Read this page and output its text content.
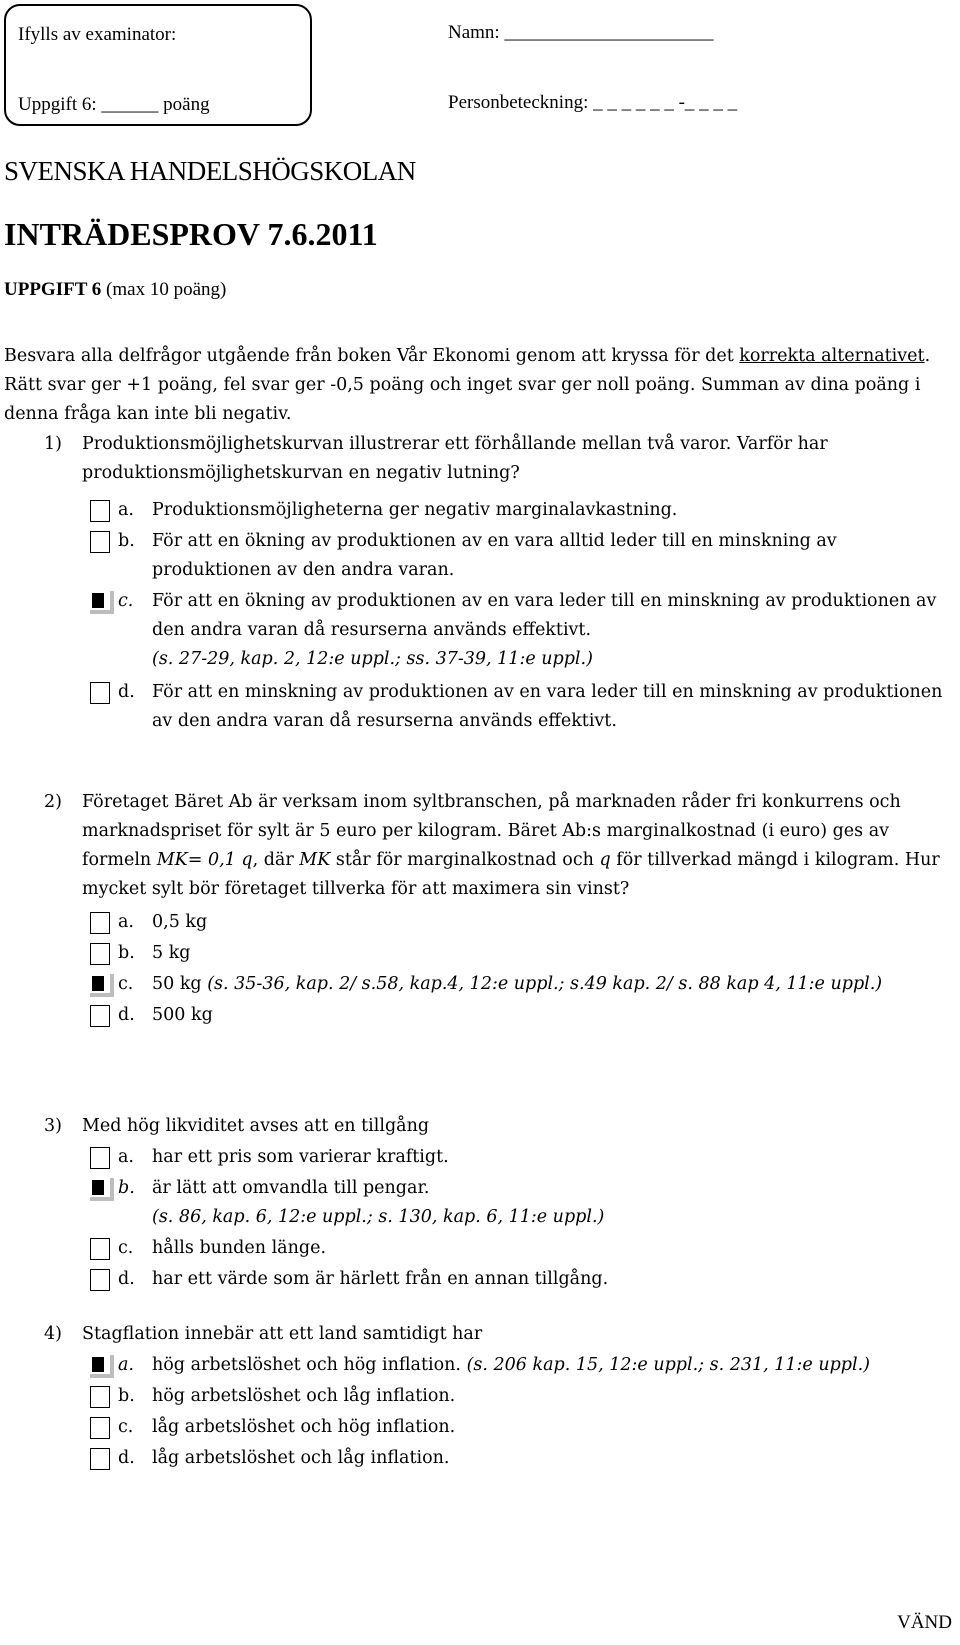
Ifylls av examinator:
Uppgift 6: ______ poäng
Namn: ______________________
Personbeteckning: _ _ _ _ _ _ -_ _ _ _
SVENSKA HANDELSHÖGSKOLAN
INTRÄDESPROV 7.6.2011
UPPGIFT 6 (max 10 poäng)
Besvara alla delfrågor utgående från boken Vår Ekonomi genom att kryssa för det korrekta alternativet. Rätt svar ger +1 poäng, fel svar ger -0,5 poäng och inget svar ger noll poäng. Summan av dina poäng i denna fråga kan inte bli negativ.
1) Produktionsmöjlighetskurvan illustrerar ett förhållande mellan två varor. Varför har produktionsmöjlighetskurvan en negativ lutning?
a. Produktionsmöjligheterna ger negativ marginalavkastning.
b. För att en ökning av produktionen av en vara alltid leder till en minskning av produktionen av den andra varan.
c. För att en ökning av produktionen av en vara leder till en minskning av produktionen av den andra varan då resurserna används effektivt.
(s. 27-29, kap. 2, 12:e uppl.; ss. 37-39, 11:e uppl.)
d. För att en minskning av produktionen av en vara leder till en minskning av produktionen av den andra varan då resurserna används effektivt.
2) Företaget Bäret Ab är verksam inom syltbranschen, på marknaden råder fri konkurrens och marknadspriset för sylt är 5 euro per kilogram. Bäret Ab:s marginalkostnad (i euro) ges av formeln MK= 0,1 q, där MK står för marginalkostnad och q för tillverkad mängd i kilogram. Hur mycket sylt bör företaget tillverka för att maximera sin vinst?
a. 0,5 kg
b. 5 kg
c. 50 kg (s. 35-36, kap. 2/ s.58, kap.4, 12:e uppl.; s.49 kap. 2/ s. 88 kap 4, 11:e uppl.)
d. 500 kg
3) Med hög likviditet avses att en tillgång
a. har ett pris som varierar kraftigt.
b. är lätt att omvandla till pengar.
(s. 86, kap. 6, 12:e uppl.; s. 130, kap. 6, 11:e uppl.)
c. hålls bunden länge.
d. har ett värde som är härlett från en annan tillgång.
4) Stagflation innebär att ett land samtidigt har
a. hög arbetslöshet och hög inflation. (s. 206 kap. 15, 12:e uppl.; s. 231, 11:e uppl.)
b. hög arbetslöshet och låg inflation.
c. låg arbetslöshet och hög inflation.
d. låg arbetslöshet och låg inflation.
VÄND
